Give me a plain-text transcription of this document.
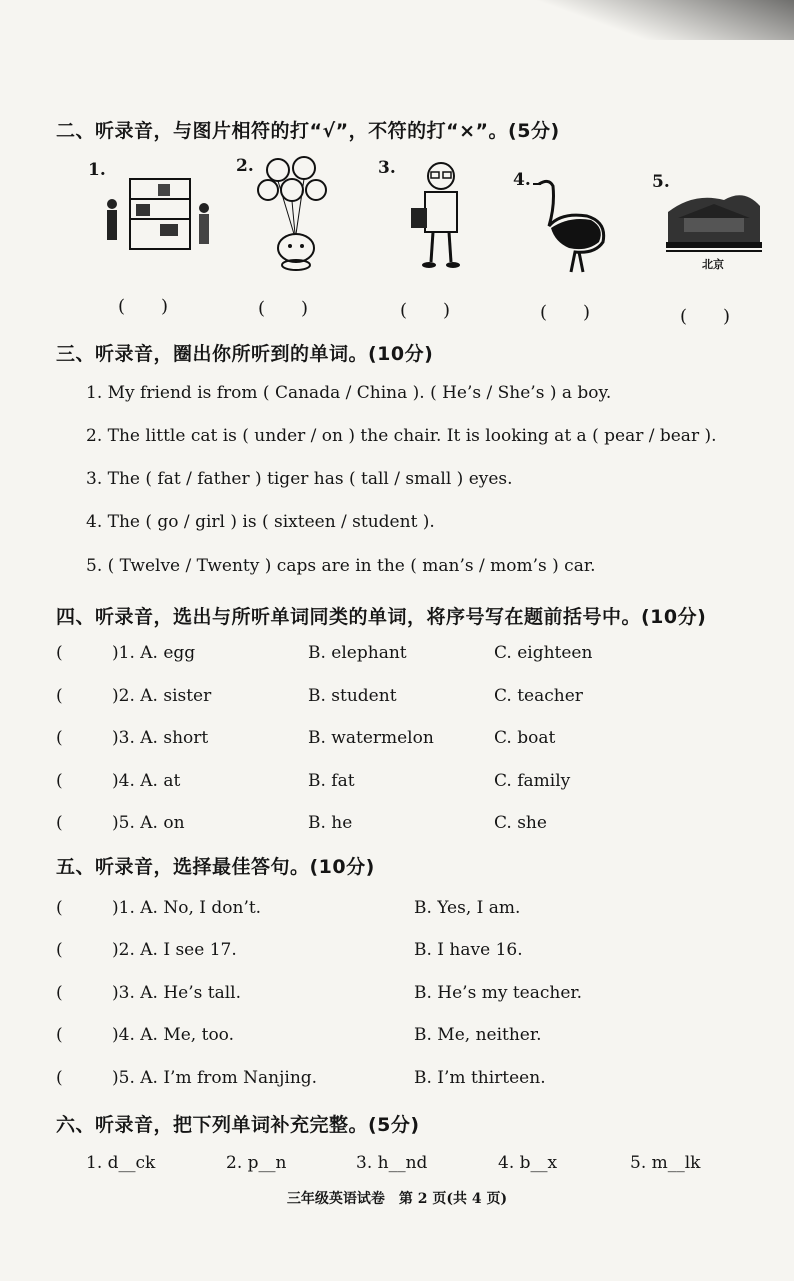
二、听录音，与图片相符的打“√”，不符的打“×”。(5分)
1.	2.	3.
4.	5.
北京
(　　)	(　　)	(　　)	(　　)	(　　)
三、听录音，圈出你所听到的单词。(10分)
1. My friend is from ( Canada / China ). ( He’s / She’s ) a boy.
2. The little cat is ( under / on ) the chair. It is looking at a ( pear / bear ).
3. The ( fat / father ) tiger has ( tall / small ) eyes.
4. The ( go / girl ) is ( sixteen / student ).
5. ( Twelve / Twenty ) caps are in the ( man’s / mom’s ) car.
四、听录音，选出与所听单词同类的单词，将序号写在题前括号中。(10分)
(	)1. A. egg	B. elephant	C. eighteen
(	)2. A. sister	B. student	C. teacher
(	)3. A. short	B. watermelon	C. boat
(	)4. A. at	B. fat	C. family
(	)5. A. on	B. he	C. she
五、听录音，选择最佳答句。(10分)
(	)1. A. No, I don’t.	B. Yes, I am.
(	)2. A. I see 17.	B. I have 16.
(	)3. A. He’s tall.	B. He’s my teacher.
(	)4. A. Me, too.	B. Me, neither.
(	)5. A. I’m from Nanjing.	B. I’m thirteen.
六、听录音，把下列单词补充完整。(5分)
1. d__ck	2. p__n	3. h__nd	4. b__x	5. m__lk
三年级英语试卷　第 2 页(共 4 页)
